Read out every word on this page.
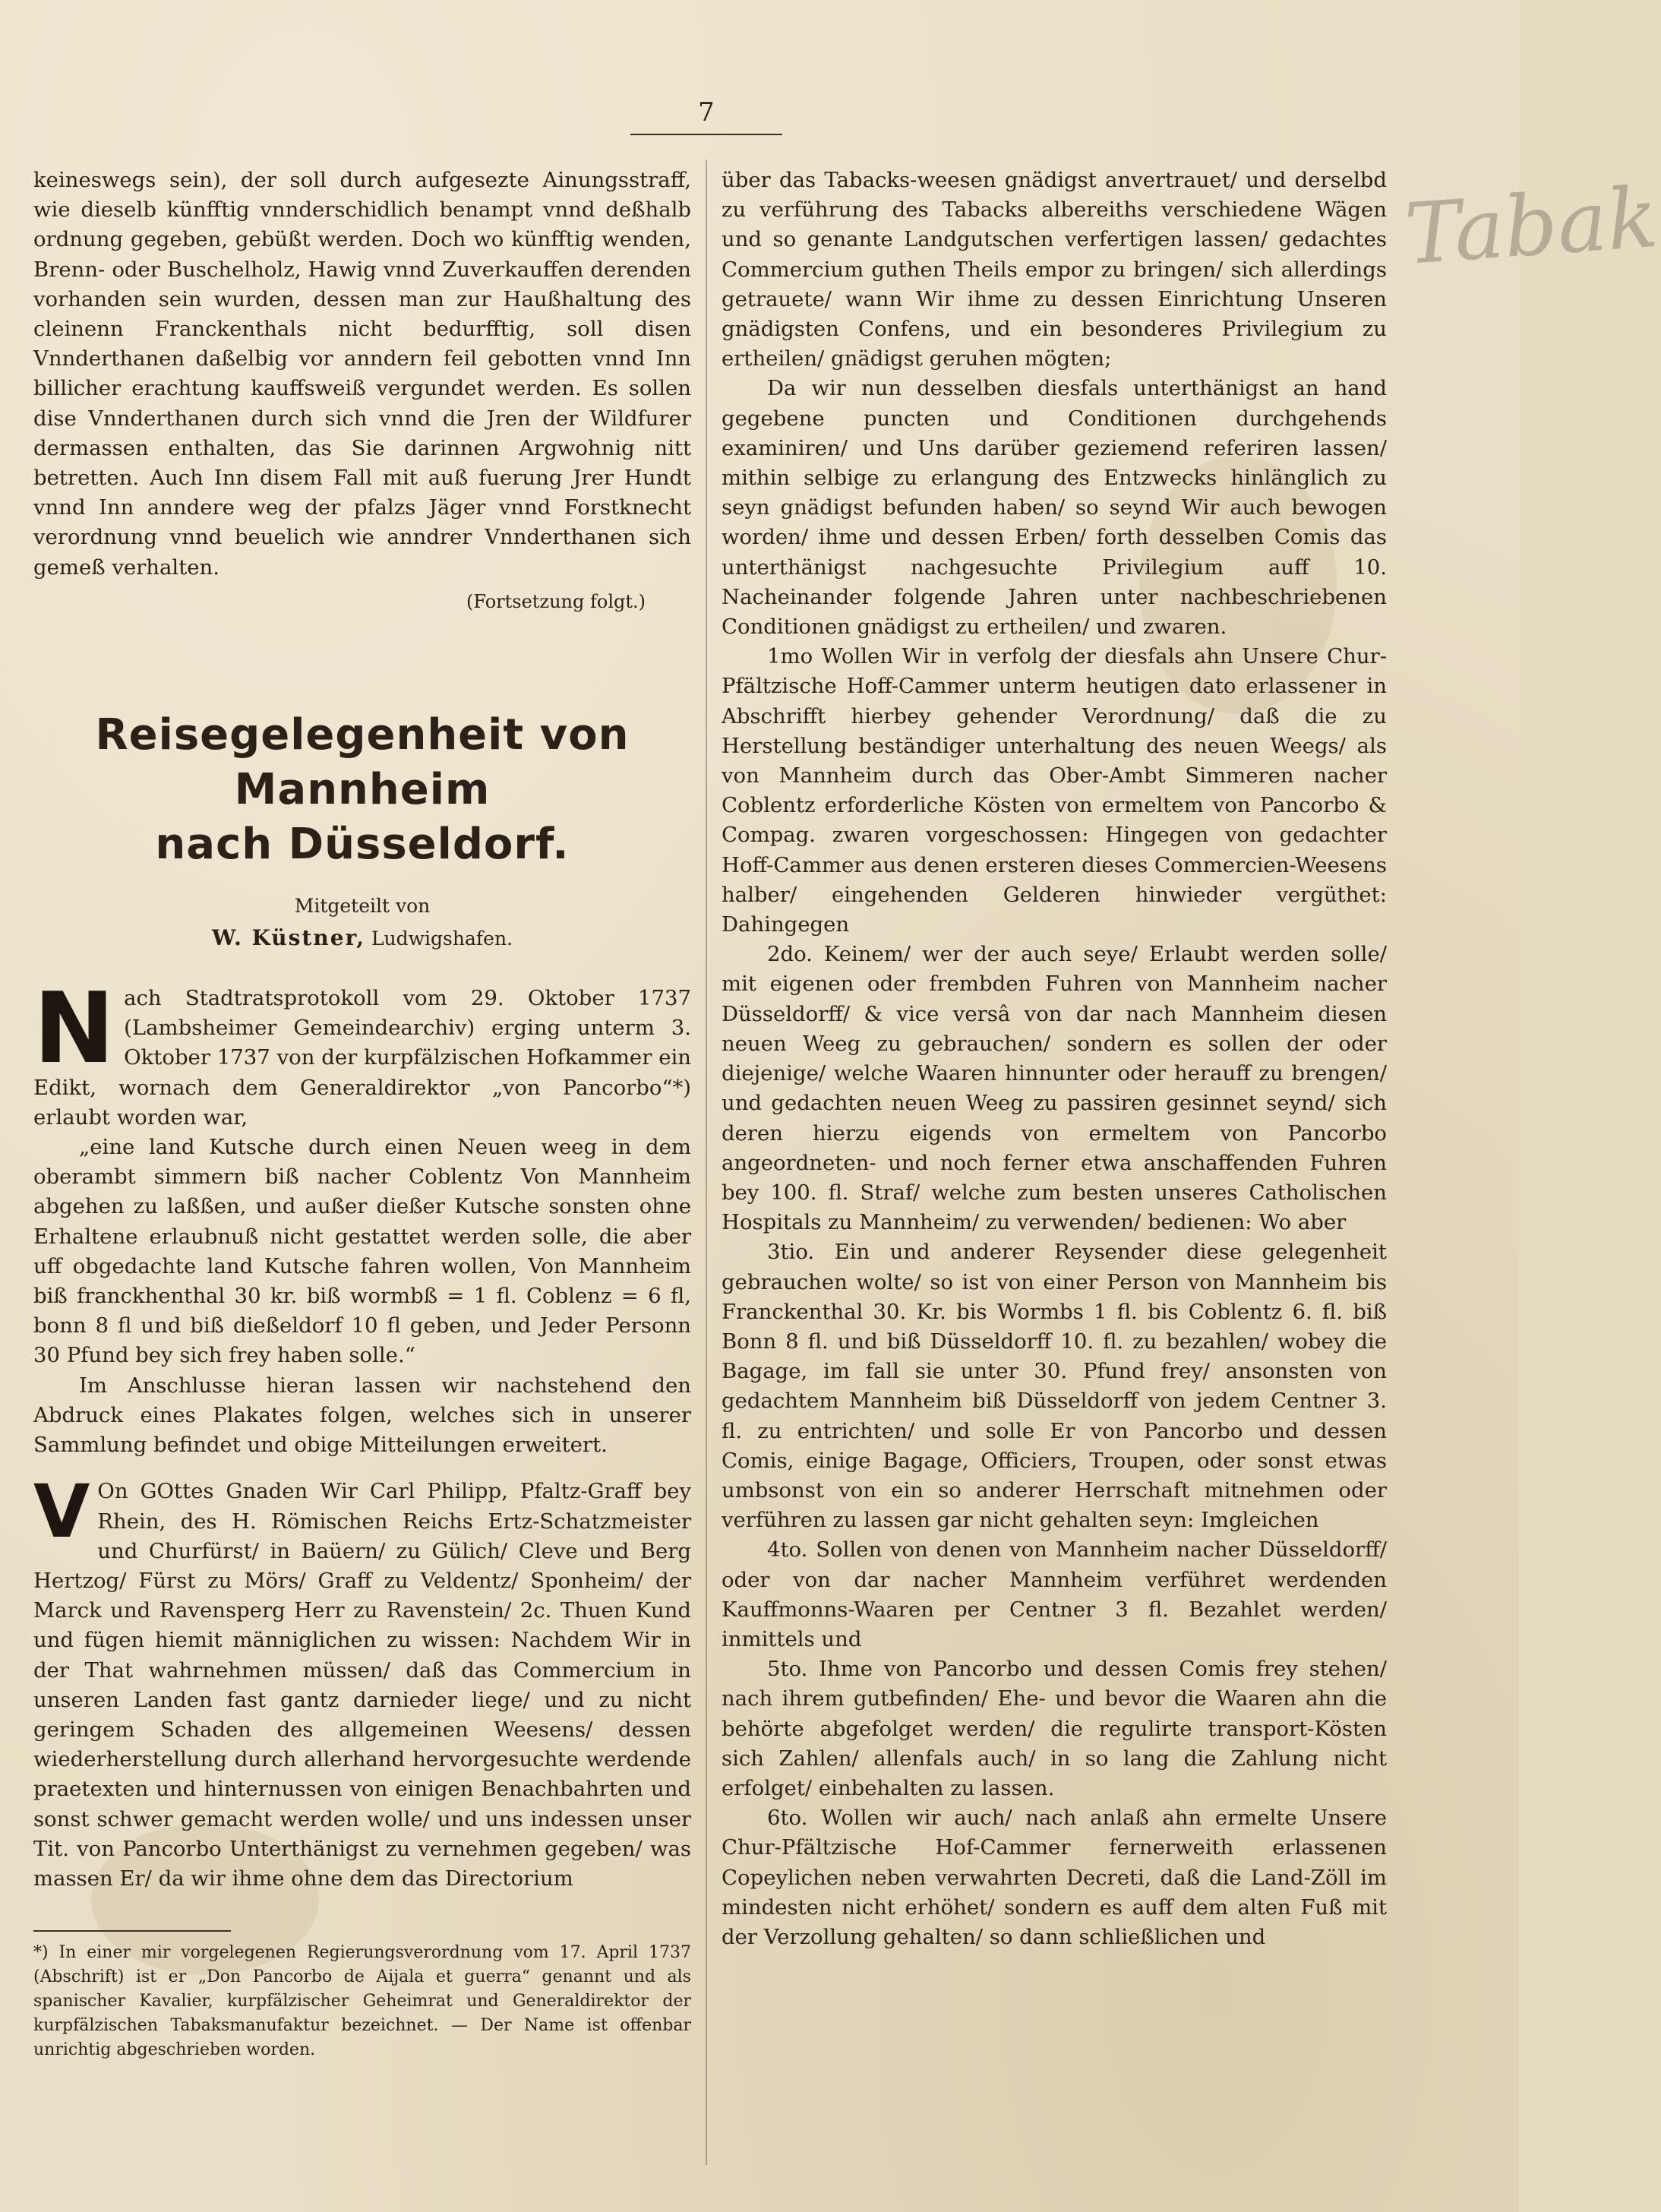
7
Tabak

keineswegs sein), der soll durch aufgesezte Ainungsstraff, wie dieselb künfftig vnnderschidlich benampt vnnd deßhalb ordnung gegeben, gebüßt werden. Doch wo künfftig wenden, Brenn- oder Buschelholz, Hawig vnnd Zuverkauffen derenden vorhanden sein wurden, dessen man zur Haußhaltung des cleinenn Franckenthals nicht bedurfftig, soll disen Vnnderthanen daßelbig vor anndern feil gebotten vnnd Inn billicher erachtung kauffsweiß vergundet werden. Es sollen dise Vnnderthanen durch sich vnnd die Jren der Wildfurer dermassen enthalten, das Sie darinnen Argwohnig nitt betretten. Auch Inn disem Fall mit auß fuerung Jrer Hundt vnnd Inn anndere weg der pfalzs Jäger vnnd Forstknecht verordnung vnnd beuelich wie anndrer Vnnderthanen sich gemeß verhalten.

(Fortsetzung folgt.)

Reisegelegenheit von Mannheim
nach Düsseldorf.
Mitgeteilt von
W. Küstner, Ludwigshafen.
N ach Stadtratsprotokoll vom 29. Oktober 1737 (Lambsheimer Gemeindearchiv) erging unterm 3. Oktober 1737 von der kurpfälzischen Hofkammer ein Edikt, wornach dem Generaldirektor „von Pancorbo“*) erlaubt worden war,

„eine land Kutsche durch einen Neuen weeg in dem oberambt simmern biß nacher Coblentz Von Mannheim abgehen zu laßßen, und außer dießer Kutsche sonsten ohne Erhaltene erlaubnuß nicht gestattet werden solle, die aber uff obgedachte land Kutsche fahren wollen, Von Mannheim biß franckhenthal 30 kr. biß wormbß = 1 fl. Coblenz = 6 fl, bonn 8 fl und biß dießeldorf 10 fl geben, und Jeder Personn 30 Pfund bey sich frey haben solle.“

Im Anschlusse hieran lassen wir nachstehend den Abdruck eines Plakates folgen, welches sich in unserer Sammlung befindet und obige Mitteilungen erweitert.

V On GOttes Gnaden Wir Carl Philipp, Pfaltz-Graff bey Rhein, des H. Römischen Reichs Ertz-Schatzmeister und Churfürst/ in Baüern/ zu Gülich/ Cleve und Berg Hertzog/ Fürst zu Mörs/ Graff zu Veldentz/ Sponheim/ der Marck und Ravensperg Herr zu Ravenstein/ 2c. Thuen Kund und fügen hiemit männiglichen zu wissen: Nachdem Wir in der That wahrnehmen müssen/ daß das Commercium in unseren Landen fast gantz darnieder liege/ und zu nicht geringem Schaden des allgemeinen Weesens/ dessen wiederherstellung durch allerhand hervorgesuchte werdende praetexten und hinternussen von einigen Benachbahrten und sonst schwer gemacht werden wolle/ und uns indessen unser Tit. von Pancorbo Unterthänigst zu vernehmen gegeben/ was massen Er/ da wir ihme ohne dem das Directorium

*) In einer mir vorgelegenen Regierungsverordnung vom 17. April 1737 (Abschrift) ist er „Don Pancorbo de Aijala et guerra“ genannt und als spanischer Kavalier, kurpfälzischer Geheimrat und Generaldirektor der kurpfälzischen Tabaksmanufaktur bezeichnet. — Der Name ist offenbar unrichtig abgeschrieben worden.

über das Tabacks-weesen gnädigst anvertrauet/ und derselbd zu verführung des Tabacks albereiths verschiedene Wägen und so genante Landgutschen verfertigen lassen/ gedachtes Commercium guthen Theils empor zu bringen/ sich allerdings getrauete/ wann Wir ihme zu dessen Einrichtung Unseren gnädigsten Confens, und ein besonderes Privilegium zu ertheilen/ gnädigst geruhen mögten;

Da wir nun desselben diesfals unterthänigst an hand gegebene puncten und Conditionen durchgehends examiniren/ und Uns darüber geziemend referiren lassen/ mithin selbige zu erlangung des Entzwecks hinlänglich zu seyn gnädigst befunden haben/ so seynd Wir auch bewogen worden/ ihme und dessen Erben/ forth desselben Comis das unterthänigst nachgesuchte Privilegium auff 10. Nacheinander folgende Jahren unter nachbeschriebenen Conditionen gnädigst zu ertheilen/ und zwaren.

1mo Wollen Wir in verfolg der diesfals ahn Unsere Chur-Pfältzische Hoff-Cammer unterm heutigen dato erlassener in Abschrifft hierbey gehender Verordnung/ daß die zu Herstellung beständiger unterhaltung des neuen Weegs/ als von Mannheim durch das Ober-Ambt Simmeren nacher Coblentz erforderliche Kösten von ermeltem von Pancorbo & Compag. zwaren vorgeschossen: Hingegen von gedachter Hoff-Cammer aus denen ersteren dieses Commercien-Weesens halber/ eingehenden Gelderen hinwieder vergüthet: Dahingegen

2do. Keinem/ wer der auch seye/ Erlaubt werden solle/ mit eigenen oder frembden Fuhren von Mannheim nacher Düsseldorff/ & vice versâ von dar nach Mannheim diesen neuen Weeg zu gebrauchen/ sondern es sollen der oder diejenige/ welche Waaren hinnunter oder herauff zu brengen/ und gedachten neuen Weeg zu passiren gesinnet seynd/ sich deren hierzu eigends von ermeltem von Pancorbo angeordneten- und noch ferner etwa anschaffenden Fuhren bey 100. fl. Straf/ welche zum besten unseres Catholischen Hospitals zu Mannheim/ zu verwenden/ bedienen: Wo aber

3tio. Ein und anderer Reysender diese gelegenheit gebrauchen wolte/ so ist von einer Person von Mannheim bis Franckenthal 30. Kr. bis Wormbs 1 fl. bis Coblentz 6. fl. biß Bonn 8 fl. und biß Düsseldorff 10. fl. zu bezahlen/ wobey die Bagage, im fall sie unter 30. Pfund frey/ ansonsten von gedachtem Mannheim biß Düsseldorff von jedem Centner 3. fl. zu entrichten/ und solle Er von Pancorbo und dessen Comis, einige Bagage, Officiers, Troupen, oder sonst etwas umbsonst von ein so anderer Herrschaft mitnehmen oder verführen zu lassen gar nicht gehalten seyn: Imgleichen

4to. Sollen von denen von Mannheim nacher Düsseldorff/ oder von dar nacher Mannheim verführet werdenden Kauffmonns-Waaren per Centner 3 fl. Bezahlet werden/ inmittels und

5to. Ihme von Pancorbo und dessen Comis frey stehen/ nach ihrem gutbefinden/ Ehe- und bevor die Waaren ahn die behörte abgefolget werden/ die regulirte transport-Kösten sich Zahlen/ allenfals auch/ in so lang die Zahlung nicht erfolget/ einbehalten zu lassen.

6to. Wollen wir auch/ nach anlaß ahn ermelte Unsere Chur-Pfältzische Hof-Cammer fernerweith erlassenen Copeylichen neben verwahrten Decreti, daß die Land-Zöll im mindesten nicht erhöhet/ sondern es auff dem alten Fuß mit der Verzollung gehalten/ so dann schließlichen und
